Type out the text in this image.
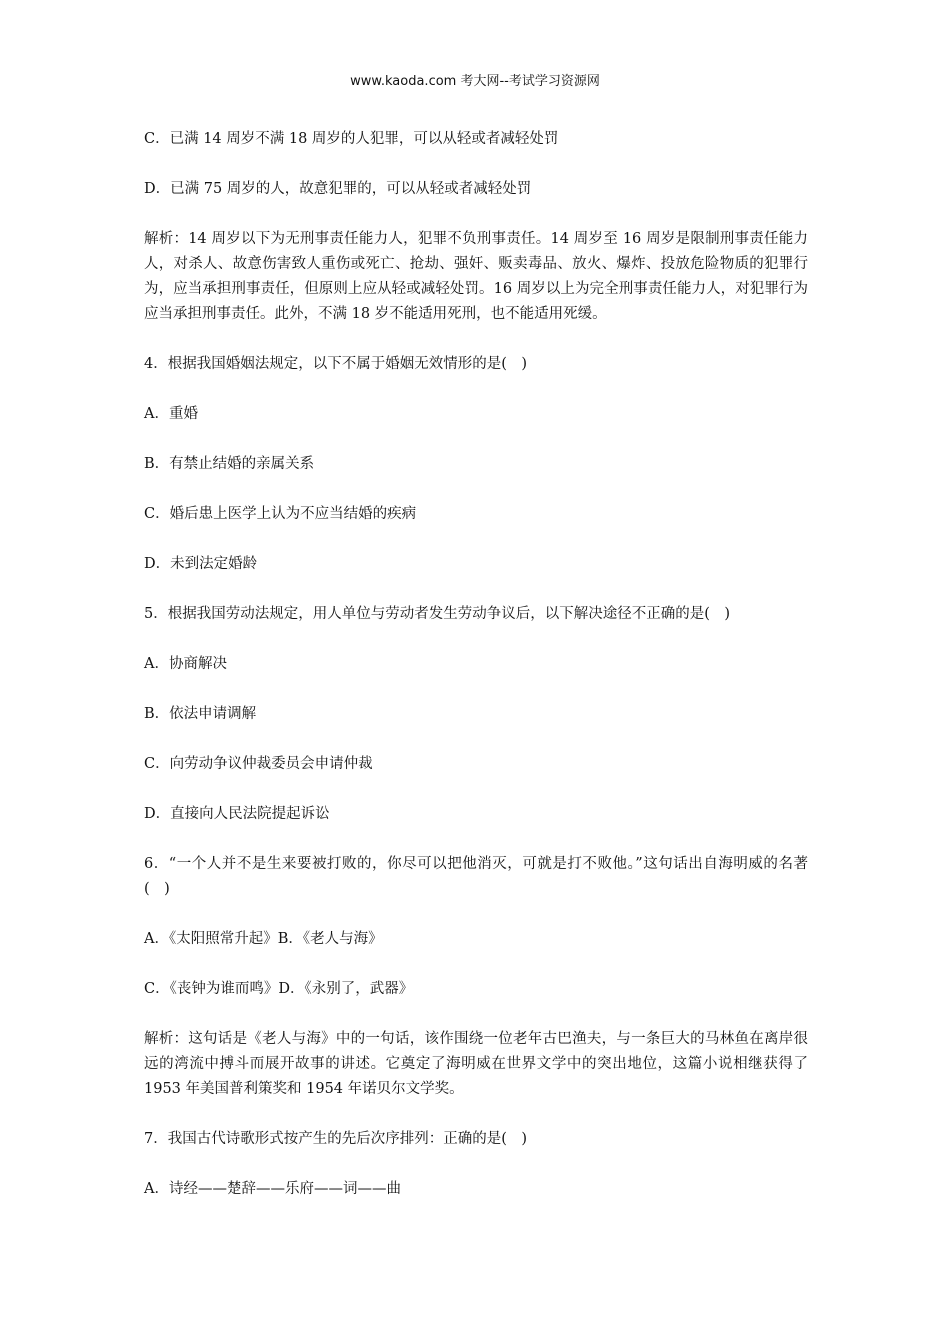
www.kaoda.com 考大网--考试学习资源网
C．已满 14 周岁不满 18 周岁的人犯罪，可以从轻或者减轻处罚
D．已满 75 周岁的人，故意犯罪的，可以从轻或者减轻处罚
解析：14 周岁以下为无刑事责任能力人，犯罪不负刑事责任。14 周岁至 16 周岁是限制刑事责任能力人，对杀人、故意伤害致人重伤或死亡、抢劫、强奸、贩卖毒品、放火、爆炸、投放危险物质的犯罪行为，应当承担刑事责任，但原则上应从轻或减轻处罚。16 周岁以上为完全刑事责任能力人，对犯罪行为应当承担刑事责任。此外，不满 18 岁不能适用死刑，也不能适用死缓。
4．根据我国婚姻法规定，以下不属于婚姻无效情形的是(　)
A．重婚
B．有禁止结婚的亲属关系
C．婚后患上医学上认为不应当结婚的疾病
D．未到法定婚龄
5．根据我国劳动法规定，用人单位与劳动者发生劳动争议后，以下解决途径不正确的是(　)
A．协商解决
B．依法申请调解
C．向劳动争议仲裁委员会申请仲裁
D．直接向人民法院提起诉讼
6．“一个人并不是生来要被打败的，你尽可以把他消灭，可就是打不败他。”这句话出自海明威的名著(　)
A．《太阳照常升起》B．《老人与海》
C．《丧钟为谁而鸣》D．《永别了，武器》
解析：这句话是《老人与海》中的一句话，该作围绕一位老年古巴渔夫，与一条巨大的马林鱼在离岸很远的湾流中搏斗而展开故事的讲述。它奠定了海明威在世界文学中的突出地位，这篇小说相继获得了 1953 年美国普利策奖和 1954 年诺贝尔文学奖。
7．我国古代诗歌形式按产生的先后次序排列：正确的是(　)
A．诗经——楚辞——乐府——词——曲
